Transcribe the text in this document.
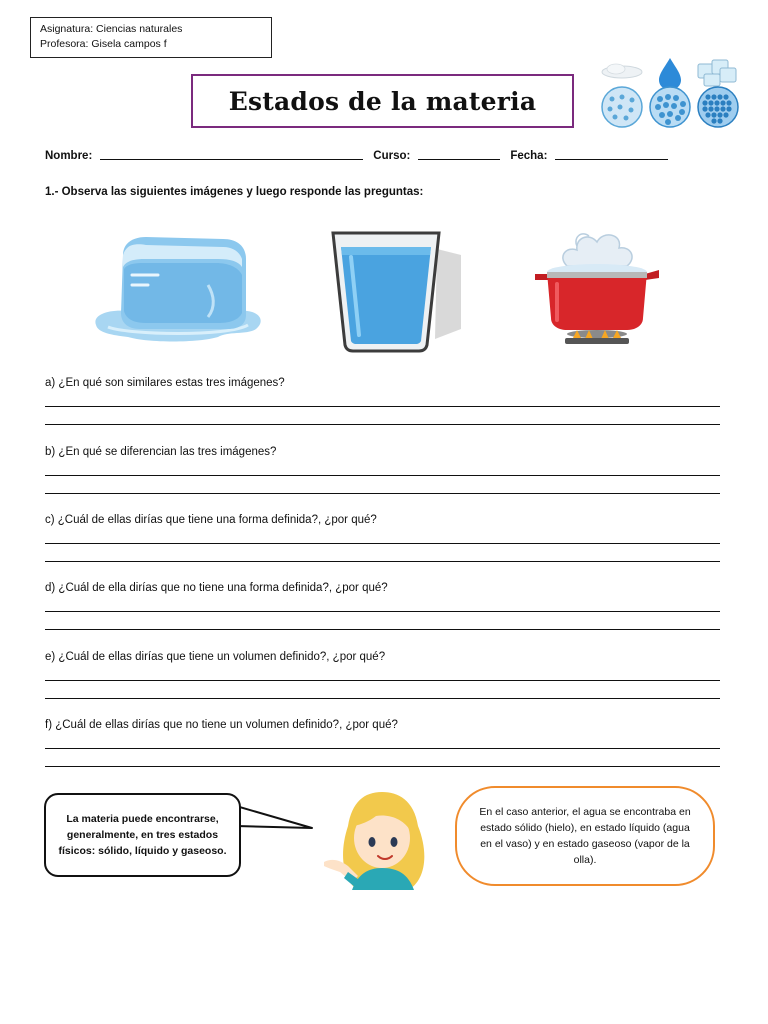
Asignatura: Ciencias naturales
Profesora: Gisela campos f
Estados de la materia
Nombre:	Curso:	Fecha:
1.- Observa las siguientes imágenes y luego responde las preguntas:
a) ¿En qué son similares estas tres imágenes?
b) ¿En qué se diferencian las tres imágenes?
c) ¿Cuál de ellas dirías que tiene una forma definida?, ¿por qué?
d) ¿Cuál de ella dirías que no tiene una forma definida?, ¿por qué?
e) ¿Cuál de ellas dirías que tiene un volumen definido?, ¿por qué?
f) ¿Cuál de ellas dirías que no tiene un volumen definido?, ¿por qué?
La materia puede encontrarse, generalmente, en tres estados físicos: sólido, líquido y gaseoso.
En el caso anterior, el agua se encontraba en estado sólido (hielo), en estado líquido (agua en el vaso) y en estado gaseoso (vapor de la olla).
